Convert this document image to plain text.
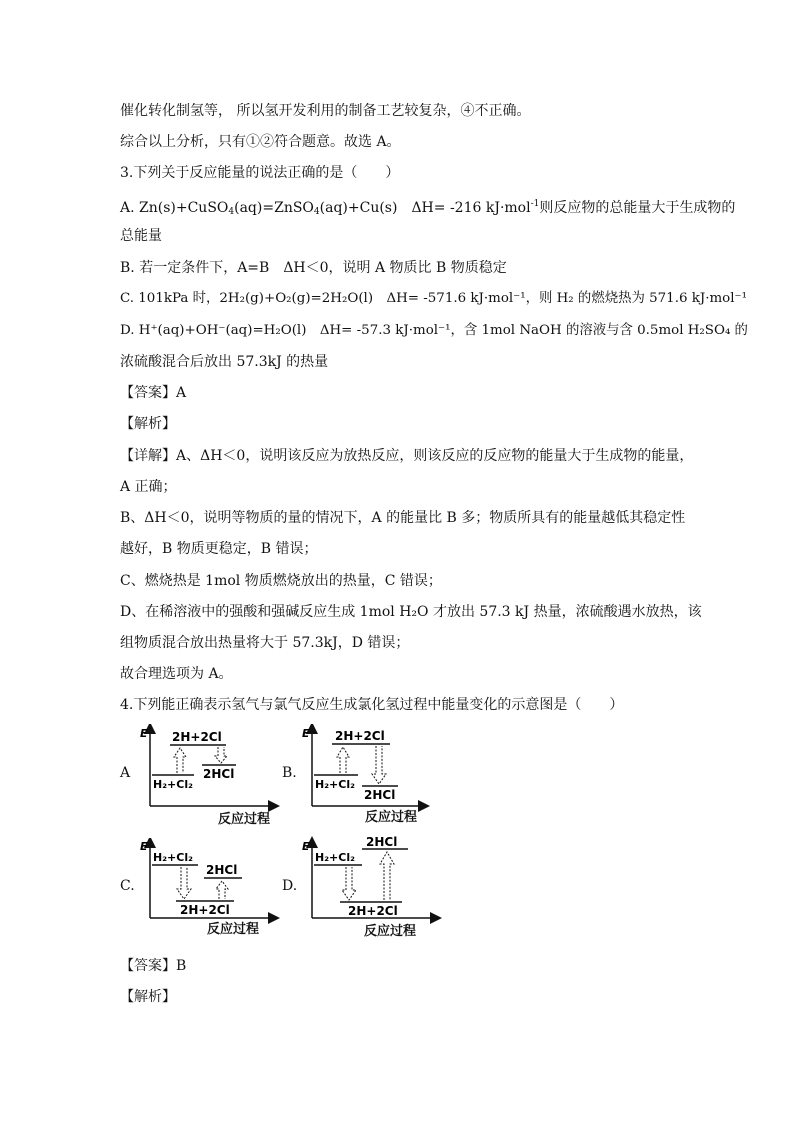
催化转化制氢等， 所以氢开发利用的制备工艺较复杂，④不正确。
综合以上分析，只有①②符合题意。故选 A。
3.下列关于反应能量的说法正确的是（　　）
A. Zn(s)+CuSO$_4$(aq)=ZnSO$_4$(aq)+Cu(s)　ΔH= -216 kJ·mol$^{-1}$则反应物的总能量大于生成物的
总能量
B. 若一定条件下，A=B　ΔH＜0，说明 A 物质比 B 物质稳定
C. 101kPa 时，2H₂(g)+O₂(g)=2H₂O(l)　ΔH= -571.6 kJ·mol⁻¹，则 H₂ 的燃烧热为 571.6 kJ·mol⁻¹
D. H⁺(aq)+OH⁻(aq)=H₂O(l)　ΔH= -57.3 kJ·mol⁻¹，含 1mol NaOH 的溶液与含 0.5mol H₂SO₄ 的
浓硫酸混合后放出 57.3kJ 的热量
【答案】A
【解析】
【详解】A、ΔH＜0，说明该反应为放热反应，则该反应的反应物的能量大于生成物的能量，
A 正确；
B、ΔH＜0，说明等物质的量的情况下，A 的能量比 B 多；物质所具有的能量越低其稳定性
越好，B 物质更稳定，B 错误；
C、燃烧热是 1mol 物质燃烧放出的热量，C 错误；
D、在稀溶液中的强酸和强碱反应生成 1mol H₂O 才放出 57.3 kJ 热量，浓硫酸遇水放热，该
组物质混合放出热量将大于 57.3kJ，D 错误；
故合理选项为 A。
4.下列能正确表示氢气与氯气反应生成氯化氢过程中能量变化的示意图是（　　）
A	B.
C.	D.
E
H₂+Cl₂
2H+2Cl
2HCl
反应过程
E
H₂+Cl₂
2H+2Cl
2HCl
反应过程
E
H₂+Cl₂
2HCl
2H+2Cl
反应过程
E
H₂+Cl₂
2HCl
2H+2Cl
反应过程
【答案】B
【解析】
